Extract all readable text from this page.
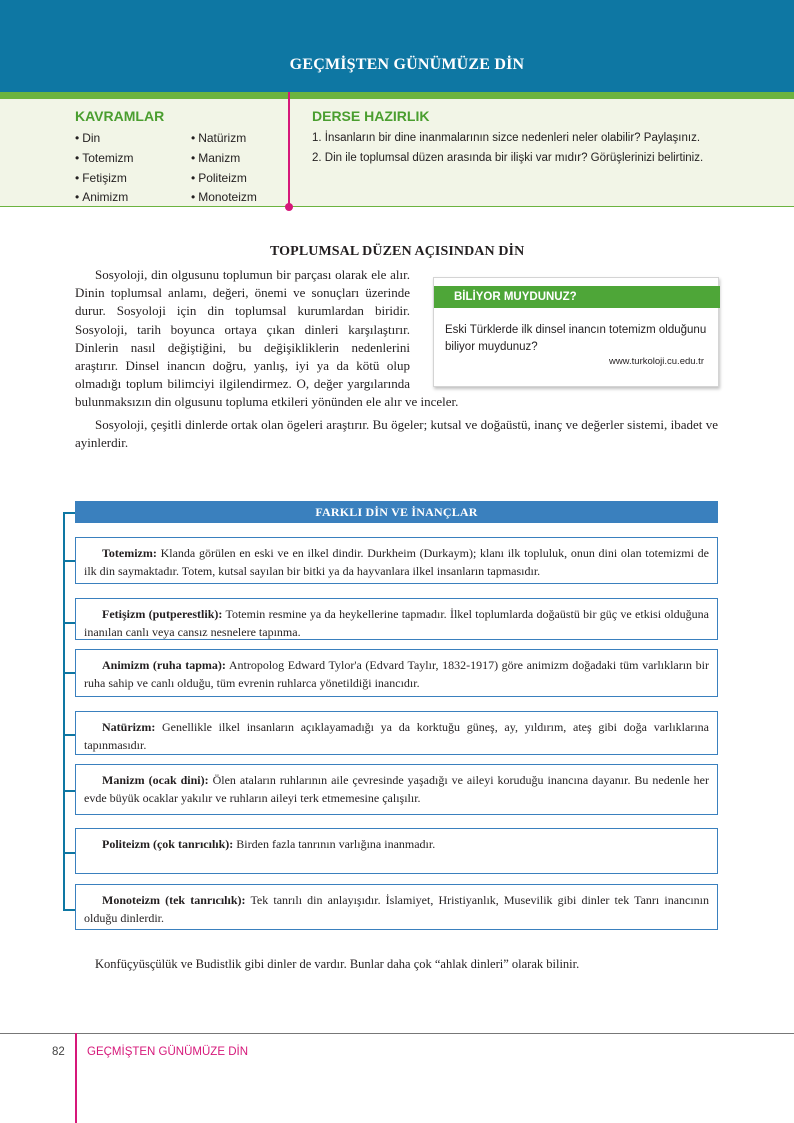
GEÇMİŞTEN GÜNÜMÜZE DİN
KAVRAMLAR
• Din
• Totemizm
• Fetişizm
• Animizm
• Natürizm
• Manizm
• Politeizm
• Monoteizm
DERSE HAZIRLIK
1. İnsanların bir dine inanmalarının sizce nedenleri neler olabilir? Paylaşınız.
2. Din ile toplumsal düzen arasında bir ilişki var mıdır? Görüşlerinizi belirtiniz.
TOPLUMSAL DÜZEN AÇISINDAN DİN
Sosyoloji, din olgusunu toplumun bir parçası olarak ele alır. Dinin toplumsal anlamı, değeri, önemi ve sonuçları üzerinde durur. Sosyoloji için din toplumsal kurumlardan biridir. Sosyoloji, tarih boyunca ortaya çıkan dinleri karşılaştırır. Dinlerin nasıl değiştiğini, bu değişikliklerin nedenlerini araştırır. Dinsel inancın doğru, yanlış, iyi ya da kötü olup olmadığı toplum bilimciyi ilgilendirmez. O, değer yargılarında bulunmaksızın din olgusunu topluma etkileri yönünden ele alır ve inceler.
Sosyoloji, çeşitli dinlerde ortak olan ögeleri araştırır. Bu ögeler; kutsal ve doğaüstü, inanç ve değerler sistemi, ibadet ve ayinlerdir.
BİLİYOR MUYDUNUZ?
Eski Türklerde ilk dinsel inancın totemizm olduğunu biliyor muydunuz?
www.turkoloji.cu.edu.tr
FARKLI DİN VE İNANÇLAR
Totemizm: Klanda görülen en eski ve en ilkel dindir. Durkheim (Durkaym); klanı ilk topluluk, onun dini olan totemizmi de ilk din saymaktadır. Totem, kutsal sayılan bir bitki ya da hayvanlara ilkel insanların tapmasıdır.
Fetişizm (putperestlik): Totemin resmine ya da heykellerine tapmadır. İlkel toplumlarda doğaüstü bir güç ve etkisi olduğuna inanılan canlı veya cansız nesnelere tapınma.
Animizm (ruha tapma): Antropolog Edward Tylor'a (Edvard Taylır, 1832-1917) göre animizm doğadaki tüm varlıkların bir ruha sahip ve canlı olduğu, tüm evrenin ruhlarca yönetildiği inancıdır.
Natürizm: Genellikle ilkel insanların açıklayamadığı ya da korktuğu güneş, ay, yıldırım, ateş gibi doğa varlıklarına tapınmasıdır.
Manizm (ocak dini): Ölen ataların ruhlarının aile çevresinde yaşadığı ve aileyi koruduğu inancına dayanır. Bu nedenle her evde büyük ocaklar yakılır ve ruhların aileyi terk etmemesine çalışılır.
Politeizm (çok tanrıcılık): Birden fazla tanrının varlığına inanmadır.
Monoteizm (tek tanrıcılık): Tek tanrılı din anlayışıdır. İslamiyet, Hristiyanlık, Musevilik gibi dinler tek Tanrı inancının olduğu dinlerdir.
Konfüçyüsçülük ve Budistlik gibi dinler de vardır. Bunlar daha çok “ahlak dinleri” olarak bilinir.
82 GEÇMİŞTEN GÜNÜMÜZE DİN
